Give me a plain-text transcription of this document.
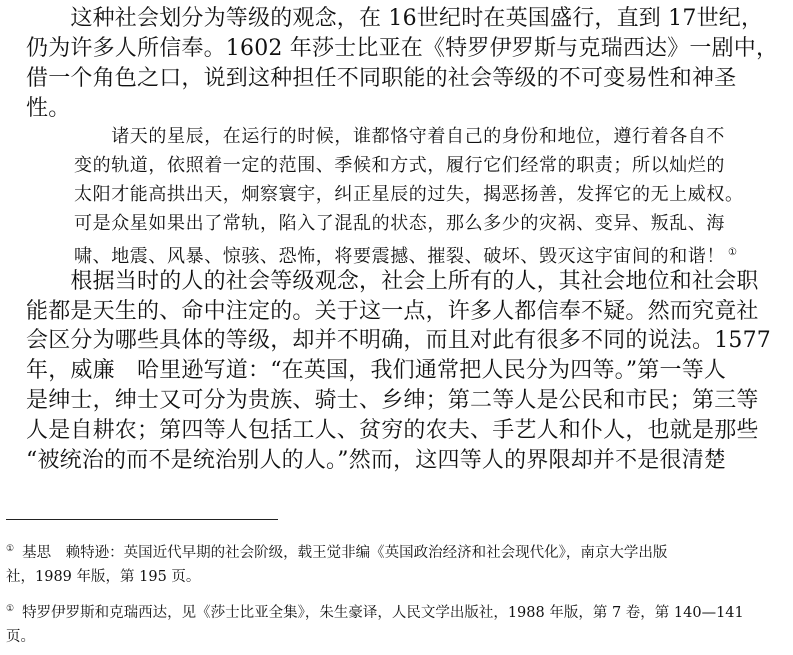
　　这种社会划分为等级的观念，在 16世纪时在英国盛行，直到 17世纪，
仍为许多人所信奉。1602 年莎士比亚在《特罗伊罗斯与克瑞西达》一剧中，
借一个角色之口，说到这种担任不同职能的社会等级的不可变易性和神圣
性。
　　诸天的星辰，在运行的时候，谁都恪守着自己的身份和地位，遵行着各自不
变的轨道，依照着一定的范围、季候和方式，履行它们经常的职责；所以灿烂的
太阳才能高拱出天，炯察寰宇，纠正星辰的过失，揭恶扬善，发挥它的无上威权。
可是众星如果出了常轨，陷入了混乱的状态，那么多少的灾祸、变异、叛乱、海
啸、地震、风暴、惊骇、恐怖，将要震撼、摧裂、破坏、毁灭这宇宙间的和谐！ ①
　　根据当时的人的社会等级观念，社会上所有的人，其社会地位和社会职
能都是天生的、命中注定的。关于这一点，许多人都信奉不疑。然而究竟社
会区分为哪些具体的等级，却并不明确，而且对此有很多不同的说法。1577
年，威廉　哈里逊写道：“在英国，我们通常把人民分为四等。”第一等人
是绅士，绅士又可分为贵族、骑士、乡绅；第二等人是公民和市民；第三等
人是自耕农；第四等人包括工人、贫穷的农夫、手艺人和仆人，也就是那些
“被统治的而不是统治别人的人。”然而，这四等人的界限却并不是很清楚
① 基思　赖特逊：英国近代早期的社会阶级，载王觉非编《英国政治经济和社会现代化》，南京大学出版
社，1989 年版，第 195 页。
① 特罗伊罗斯和克瑞西达，见《莎士比亚全集》，朱生豪译，人民文学出版社，1988 年版，第 7 卷，第 140—141
页。
